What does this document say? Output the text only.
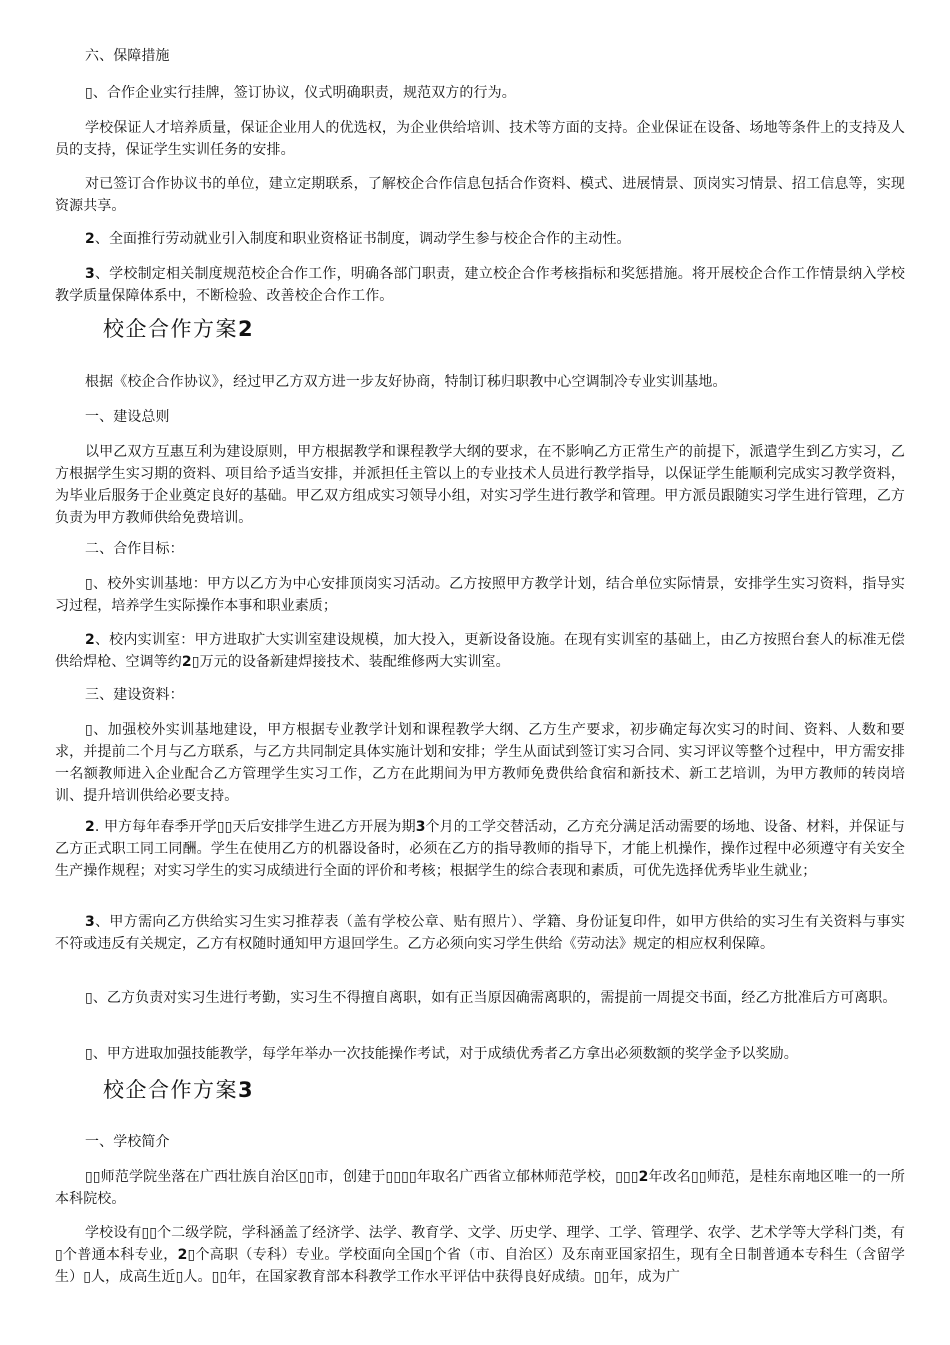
六、保障措施

▯、合作企业实行挂牌，签订协议，仪式明确职责，规范双方的行为。

学校保证人才培养质量，保证企业用人的优选权，为企业供给培训、技术等方面的支持。企业保证在设备、场地等条件上的支持及人员的支持，保证学生实训任务的安排。

对已签订合作协议书的单位，建立定期联系，了解校企合作信息包括合作资料、模式、进展情景、顶岗实习情景、招工信息等，实现资源共享。

2、全面推行劳动就业引入制度和职业资格证书制度，调动学生参与校企合作的主动性。

3、学校制定相关制度规范校企合作工作，明确各部门职责，建立校企合作考核指标和奖惩措施。将开展校企合作工作情景纳入学校教学质量保障体系中，不断检验、改善校企合作工作。

校企合作方案2

根据《校企合作协议》，经过甲乙方双方进一步友好协商，特制订秭归职教中心空调制冷专业实训基地。

一、建设总则

以甲乙双方互惠互利为建设原则，甲方根据教学和课程教学大纲的要求，在不影响乙方正常生产的前提下，派遣学生到乙方实习，乙方根据学生实习期的资料、项目给予适当安排，并派担任主管以上的专业技术人员进行教学指导，以保证学生能顺利完成实习教学资料，为毕业后服务于企业奠定良好的基础。甲乙双方组成实习领导小组，对实习学生进行教学和管理。甲方派员跟随实习学生进行管理，乙方负责为甲方教师供给免费培训。

二、合作目标：

▯、校外实训基地：甲方以乙方为中心安排顶岗实习活动。乙方按照甲方教学计划，结合单位实际情景，安排学生实习资料，指导实习过程，培养学生实际操作本事和职业素质；

2、校内实训室：甲方进取扩大实训室建设规模，加大投入，更新设备设施。在现有实训室的基础上，由乙方按照台套人的标准无偿供给焊枪、空调等约2▯万元的设备新建焊接技术、装配维修两大实训室。

三、建设资料：

▯、加强校外实训基地建设，甲方根据专业教学计划和课程教学大纲、乙方生产要求，初步确定每次实习的时间、资料、人数和要求，并提前二个月与乙方联系，与乙方共同制定具体实施计划和安排；学生从面试到签订实习合同、实习评议等整个过程中，甲方需安排一名额教师进入企业配合乙方管理学生实习工作，乙方在此期间为甲方教师免费供给食宿和新技术、新工艺培训，为甲方教师的转岗培训、提升培训供给必要支持。

2. 甲方每年春季开学▯▯天后安排学生进乙方开展为期3个月的工学交替活动，乙方充分满足活动需要的场地、设备、材料，并保证与乙方正式职工同工同酬。学生在使用乙方的机器设备时，必须在乙方的指导教师的指导下，才能上机操作，操作过程中必须遵守有关安全生产操作规程；对实习学生的实习成绩进行全面的评价和考核；根据学生的综合表现和素质，可优先选择优秀毕业生就业；

3、甲方需向乙方供给实习生实习推荐表（盖有学校公章、贴有照片）、学籍、身份证复印件，如甲方供给的实习生有关资料与事实不符或违反有关规定，乙方有权随时通知甲方退回学生。乙方必须向实习学生供给《劳动法》规定的相应权利保障。

▯、乙方负责对实习生进行考勤，实习生不得擅自离职，如有正当原因确需离职的，需提前一周提交书面，经乙方批准后方可离职。

▯、甲方进取加强技能教学，每学年举办一次技能操作考试，对于成绩优秀者乙方拿出必须数额的奖学金予以奖励。

校企合作方案3

一、学校简介

▯▯师范学院坐落在广西壮族自治区▯▯市，创建于▯▯▯▯年取名广西省立郁林师范学校，▯▯▯2年改名▯▯师范，是桂东南地区唯一的一所本科院校。

学校设有▯▯个二级学院，学科涵盖了经济学、法学、教育学、文学、历史学、理学、工学、管理学、农学、艺术学等大学科门类，有▯个普通本科专业，2▯个高职（专科）专业。学校面向全国▯个省（市、自治区）及东南亚国家招生，现有全日制普通本专科生（含留学生）▯人，成高生近▯人。▯▯年，在国家教育部本科教学工作水平评估中获得良好成绩。▯▯年，成为广
